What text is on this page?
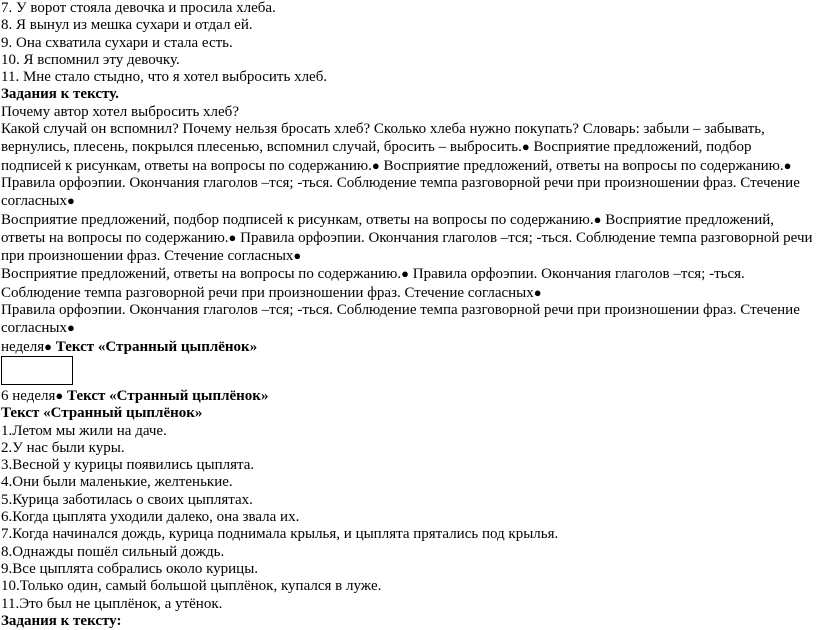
7. У ворот стояла девочка и просила хлеба.
8. Я вынул из мешка сухари и отдал ей.
9. Она схватила сухари и стала есть.
10. Я вспомнил эту девочку.
11. Мне стало стыдно, что я хотел выбросить хлеб.
Задания к тексту.
Почему автор хотел выбросить хлеб?
Какой случай он вспомнил? Почему нельзя бросать хлеб? Сколько хлеба нужно покупать? Словарь: забыли – забывать, вернулись, плесень, покрылся плесенью, вспомнил случай, бросить – выбросить.● Восприятие предложений, подбор подписей к рисункам, ответы на вопросы по содержанию.● Восприятие предложений, ответы на вопросы по содержанию.● Правила орфоэпии. Окончания глаголов –тся; -ться. Соблюдение темпа разговорной речи при произношении фраз. Стечение согласных●
Восприятие предложений, подбор подписей к рисункам, ответы на вопросы по содержанию.● Восприятие предложений, ответы на вопросы по содержанию.● Правила орфоэпии. Окончания глаголов –тся; -ться. Соблюдение темпа разговорной речи при произношении фраз. Стечение согласных●
Восприятие предложений, ответы на вопросы по содержанию.● Правила орфоэпии. Окончания глаголов –тся; -ться. Соблюдение темпа разговорной речи при произношении фраз. Стечение согласных●
Правила орфоэпии. Окончания глаголов –тся; -ться. Соблюдение темпа разговорной речи при произношении фраз. Стечение согласных●
неделя● Текст «Странный цыплёнок»
6 неделя● Текст «Странный цыплёнок»
Текст «Странный цыплёнок»
1.Летом мы жили на даче.
2.У нас были куры.
3.Весной у курицы появились цыплята.
4.Они были маленькие, желтенькие.
5.Курица заботилась о своих цыплятах.
6.Когда цыплята уходили далеко, она звала их.
7.Когда начинался дождь, курица поднимала крылья, и цыплята прятались под крылья.
8.Однажды пошёл сильный дождь.
9.Все цыплята собрались около курицы.
10.Только один, самый большой цыплёнок, купался в луже.
11.Это был не цыплёнок, а утёнок.
Задания к тексту:
